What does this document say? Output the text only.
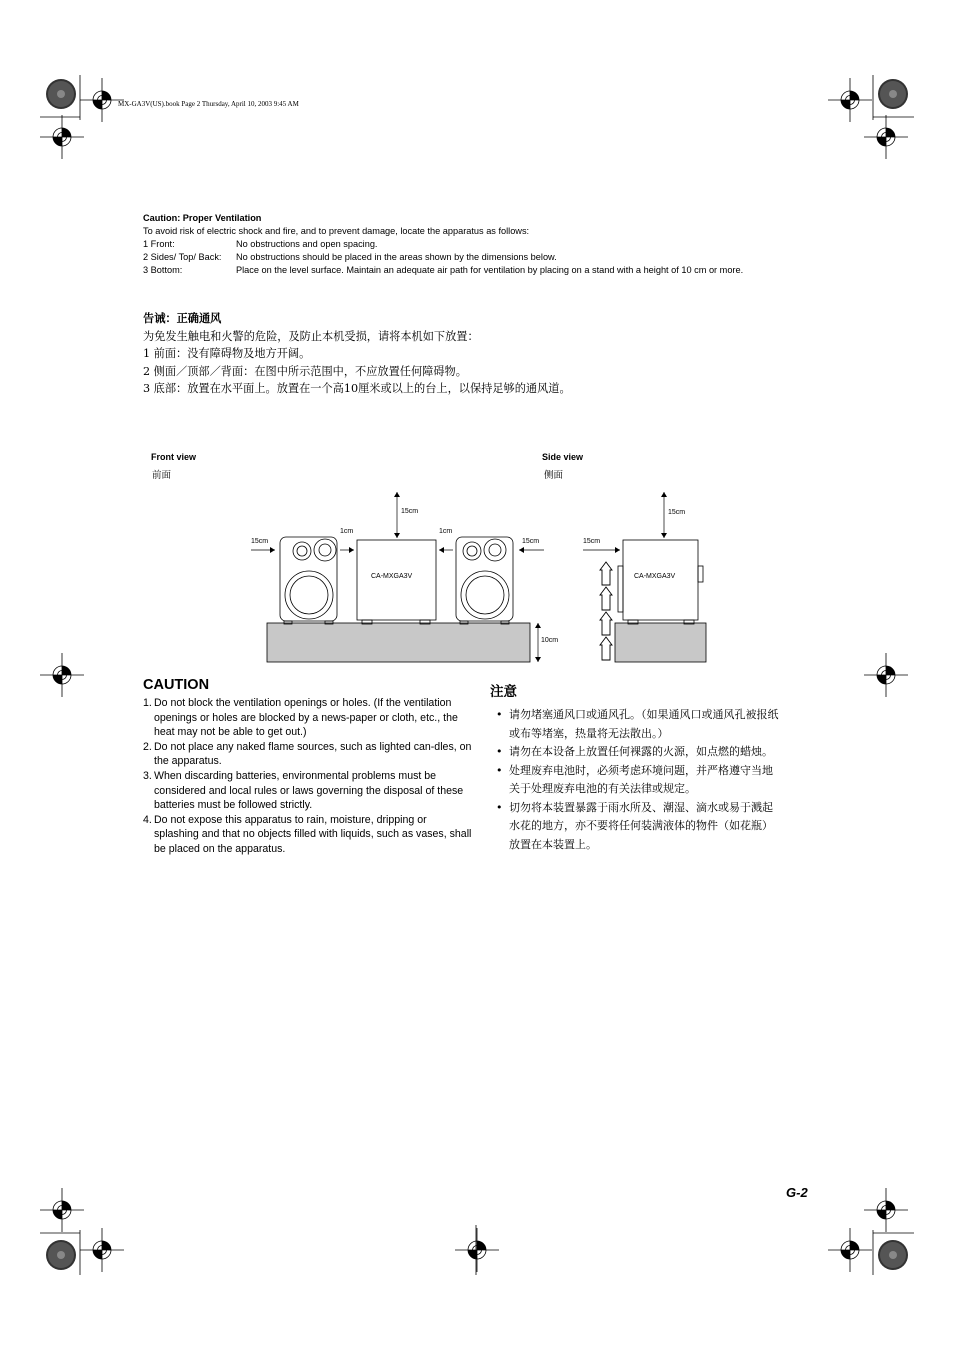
MX-GA3V(US).book Page 2 Thursday, April 10, 2003 9:45 AM
Caution: Proper Ventilation
To avoid risk of electric shock and fire, and to prevent damage, locate the apparatus as follows:
1 Front:	No obstructions and open spacing.
2 Sides/ Top/ Back: No obstructions should be placed in the areas shown by the dimensions below.
3 Bottom:	Place on the level surface. Maintain an adequate air path for ventilation by placing on a stand with a height of 10 cm or more.
告诫：正确通风
为免发生触电和火警的危险，及防止本机受损，请将本机如下放置：
1 前面：没有障碍物及地方开阔。
2 侧面／顶部／背面：在图中所示范围中，不应放置任何障碍物。
3 底部：放置在水平面上。放置在一个高10厘米或以上的台上，以保持足够的通风道。
Front view
前面
Side view
侧面
15cm	15cm
15cm	15cm
1cm	1cm
15cm
10cm
CA-MXGA3V	CA-MXGA3V
CAUTION
1. Do not block the ventilation openings or holes. (If the ventilation openings or holes are blocked by a news-paper or cloth, etc., the heat may not be able to get out.)
2. Do not place any naked flame sources, such as lighted can-dles, on the apparatus.
3. When discarding batteries, environmental problems must be considered and local rules or laws governing the disposal of these batteries must be followed strictly.
4. Do not expose this apparatus to rain, moisture, dripping or splashing and that no objects filled with liquids, such as vases, shall be placed on the apparatus.
注意
• 请勿堵塞通风口或通风孔。（如果通风口或通风孔被报纸或布等堵塞，热量将无法散出。）
• 请勿在本设备上放置任何裸露的火源，如点燃的蜡烛。
• 处理废弃电池时，必须考虑环境问题，并严格遵守当地关于处理废弃电池的有关法律或规定。
• 切勿将本装置暴露于雨水所及、潮湿、滴水或易于溅起水花的地方，亦不要将任何装满液体的物件（如花瓶）放置在本装置上。
G-2
